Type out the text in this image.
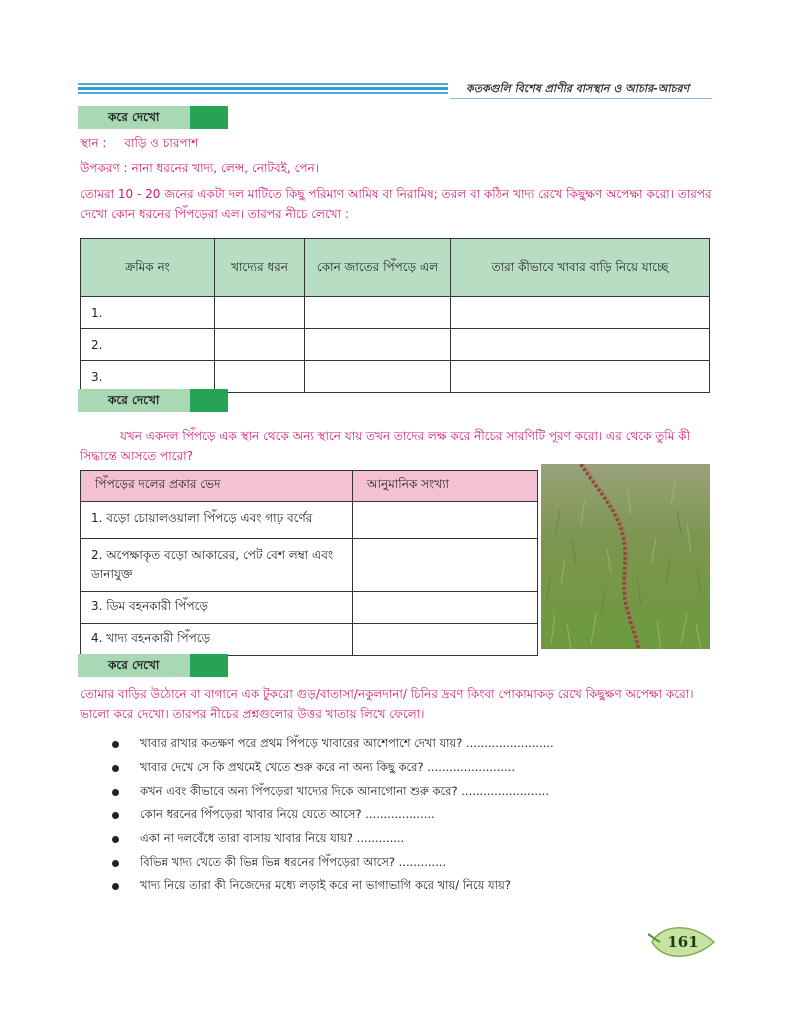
কতকগুলি বিশেষ প্রাণীর বাসস্থান ও আচার-আচরণ
করে দেখো
স্থান : বাড়ি ও চারপাশ
উপকরণ : নানা ধরনের খাদ্য, লেন্স, নোটবই, পেন।
তোমরা 10 - 20 জনের একটা দল মাটিতে কিছু পরিমাণ আমিষ বা নিরামিষ; তরল বা কঠিন খাদ্য রেখে কিছুক্ষণ অপেক্ষা করো। তারপর দেখো কোন ধরনের পিঁপড়েরা এল। তারপর নীচে লেখো :
ক্রমিক নং	খাদ্যের ধরন	কোন জাতের পিঁপড়ে এল	তারা কীভাবে খাবার বাড়ি নিয়ে যাচ্ছে
1.			
2.			
3.			
করে দেখো
যখন একদল পিঁপড়ে এক স্থান থেকে অন্য স্থানে যায় তখন তাদের লক্ষ করে নীচের সারণিটি পূরণ করো। এর থেকে তুমি কী সিদ্ধান্তে আসতে পারো?
পিঁপড়ের দলের প্রকার ভেদ	আনুমানিক সংখ্যা
1. বড়ো চোয়ালওয়ালা পিঁপড়ে এবং গাঢ় বর্ণের	
2. অপেক্ষাকৃত বড়ো আকারের, পেট বেশ লম্বা এবং ডানাযুক্ত	
3. ডিম বহনকারী পিঁপড়ে	
4. খাদ্য বহনকারী পিঁপড়ে	
করে দেখো
তোমার বাড়ির উঠোনে বা বাগানে এক টুকরো গুড়/বাতাসা/নকুলদানা/ চিনির দ্রবণ কিংবা পোকামাকড় রেখে কিছুক্ষণ অপেক্ষা করো। ভালো করে দেখো। তারপর নীচের প্রশ্নগুলোর উত্তর খাতায় লিখে ফেলো।
খাবার রাখার কতক্ষণ পরে প্রথম পিঁপড়ে খাবারের আশেপাশে দেখা যায়? ........................
খাবার দেখে সে কি প্রথমেই খেতে শুরু করে না অন্য কিছু করে? ........................
কখন এবং কীভাবে অন্য পিঁপড়েরা খাদ্যের দিকে আনাগোনা শুরু করে? ........................
কোন ধরনের পিঁপড়েরা খাবার নিয়ে যেতে আসে? ...................
একা না দলবেঁধে তারা বাসায় খাবার নিয়ে যায়? .............
বিভিন্ন খাদ্য খেতে কী ভিন্ন ভিন্ন ধরনের পিঁপড়েরা আসে? .............
খাদ্য নিয়ে তারা কী নিজেদের মধ্যে লড়াই করে না ভাগাভাগি করে খায়/ নিয়ে যায়?
161
